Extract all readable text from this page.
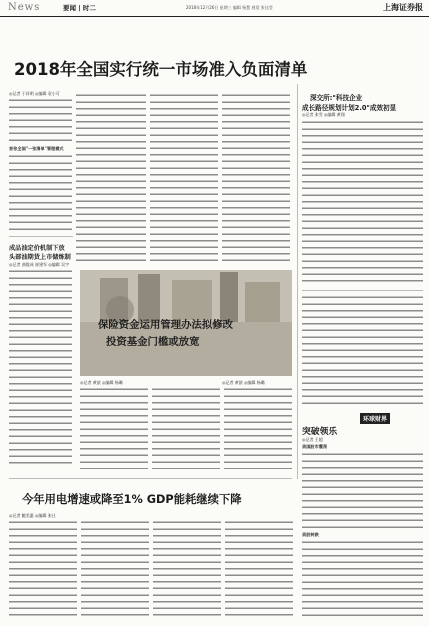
News	要闻 | 时二	2018年12月26日 星期三 编辑 杨慧 视觉 张佳莹	上海证券报
2018年全国实行统一市场准入负面清单
◎记者 于祥明 ◎编辑 袁小可
首张全国"一张清单"管理模式
深交所:"科技企业
成长路径规划计划2.0"成效初显
◎记者 张雪 ◎编辑 黄翔
成品油定价机制下放
头部油期货上市储炼制
◎记者 曲俊成 崔建军 ◎编辑 吴宇
保险资金运用管理办法拟修改
投资基金门槛或放宽
◎记者 黄歆 ◎编辑 杨璐	◎记者 黄歆 ◎编辑 杨璐
环球财界
突破领乐
◎记者 王超
美国股市震荡
美股转跌
今年用电增速或降至1% GDP能耗继续下降
◎记者 鲍美惠 ◎编辑 张仕
